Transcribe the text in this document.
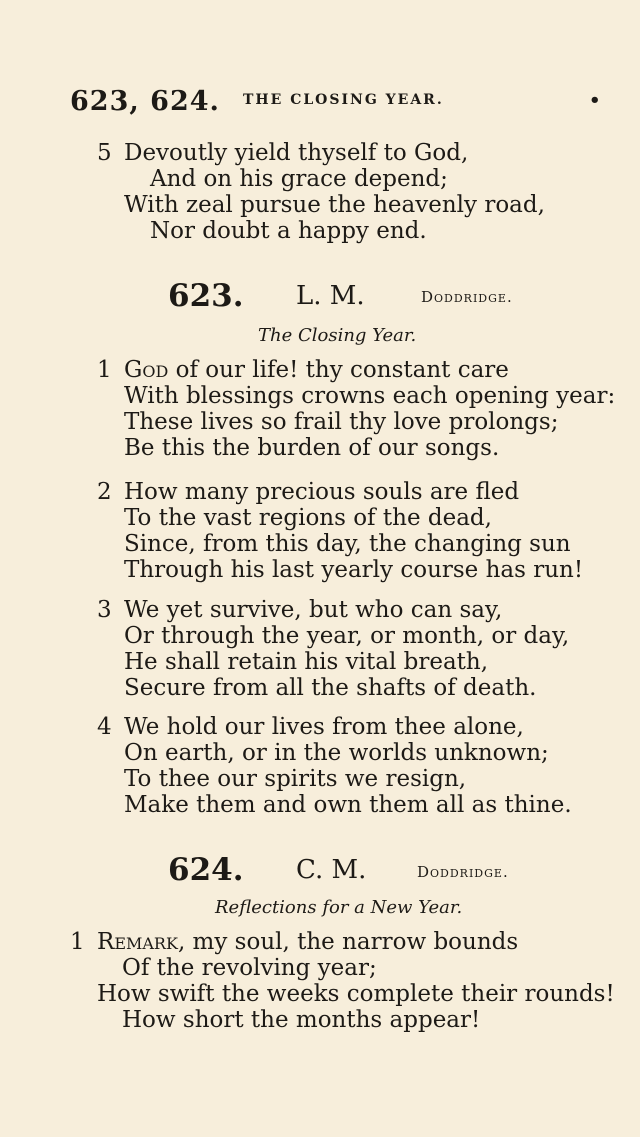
623, 624. THE CLOSING YEAR.	•
5 Devoutly yield thyself to God,
And on his grace depend;
With zeal pursue the heavenly road,
Nor doubt a happy end.
623. L. M.	Doddridge.
The Closing Year.
1 God of our life! thy constant care
With blessings crowns each opening year:
These lives so frail thy love prolongs;
Be this the burden of our songs.
2 How many precious souls are fled
To the vast regions of the dead,
Since, from this day, the changing sun
Through his last yearly course has run!
3 We yet survive, but who can say,
Or through the year, or month, or day,
He shall retain his vital breath,
Secure from all the shafts of death.
4 We hold our lives from thee alone,
On earth, or in the worlds unknown;
To thee our spirits we resign,
Make them and own them all as thine.
624. C. M.	Doddridge.
Reflections for a New Year.
1 Remark, my soul, the narrow bounds
Of the revolving year;
How swift the weeks complete their rounds!
How short the months appear!
